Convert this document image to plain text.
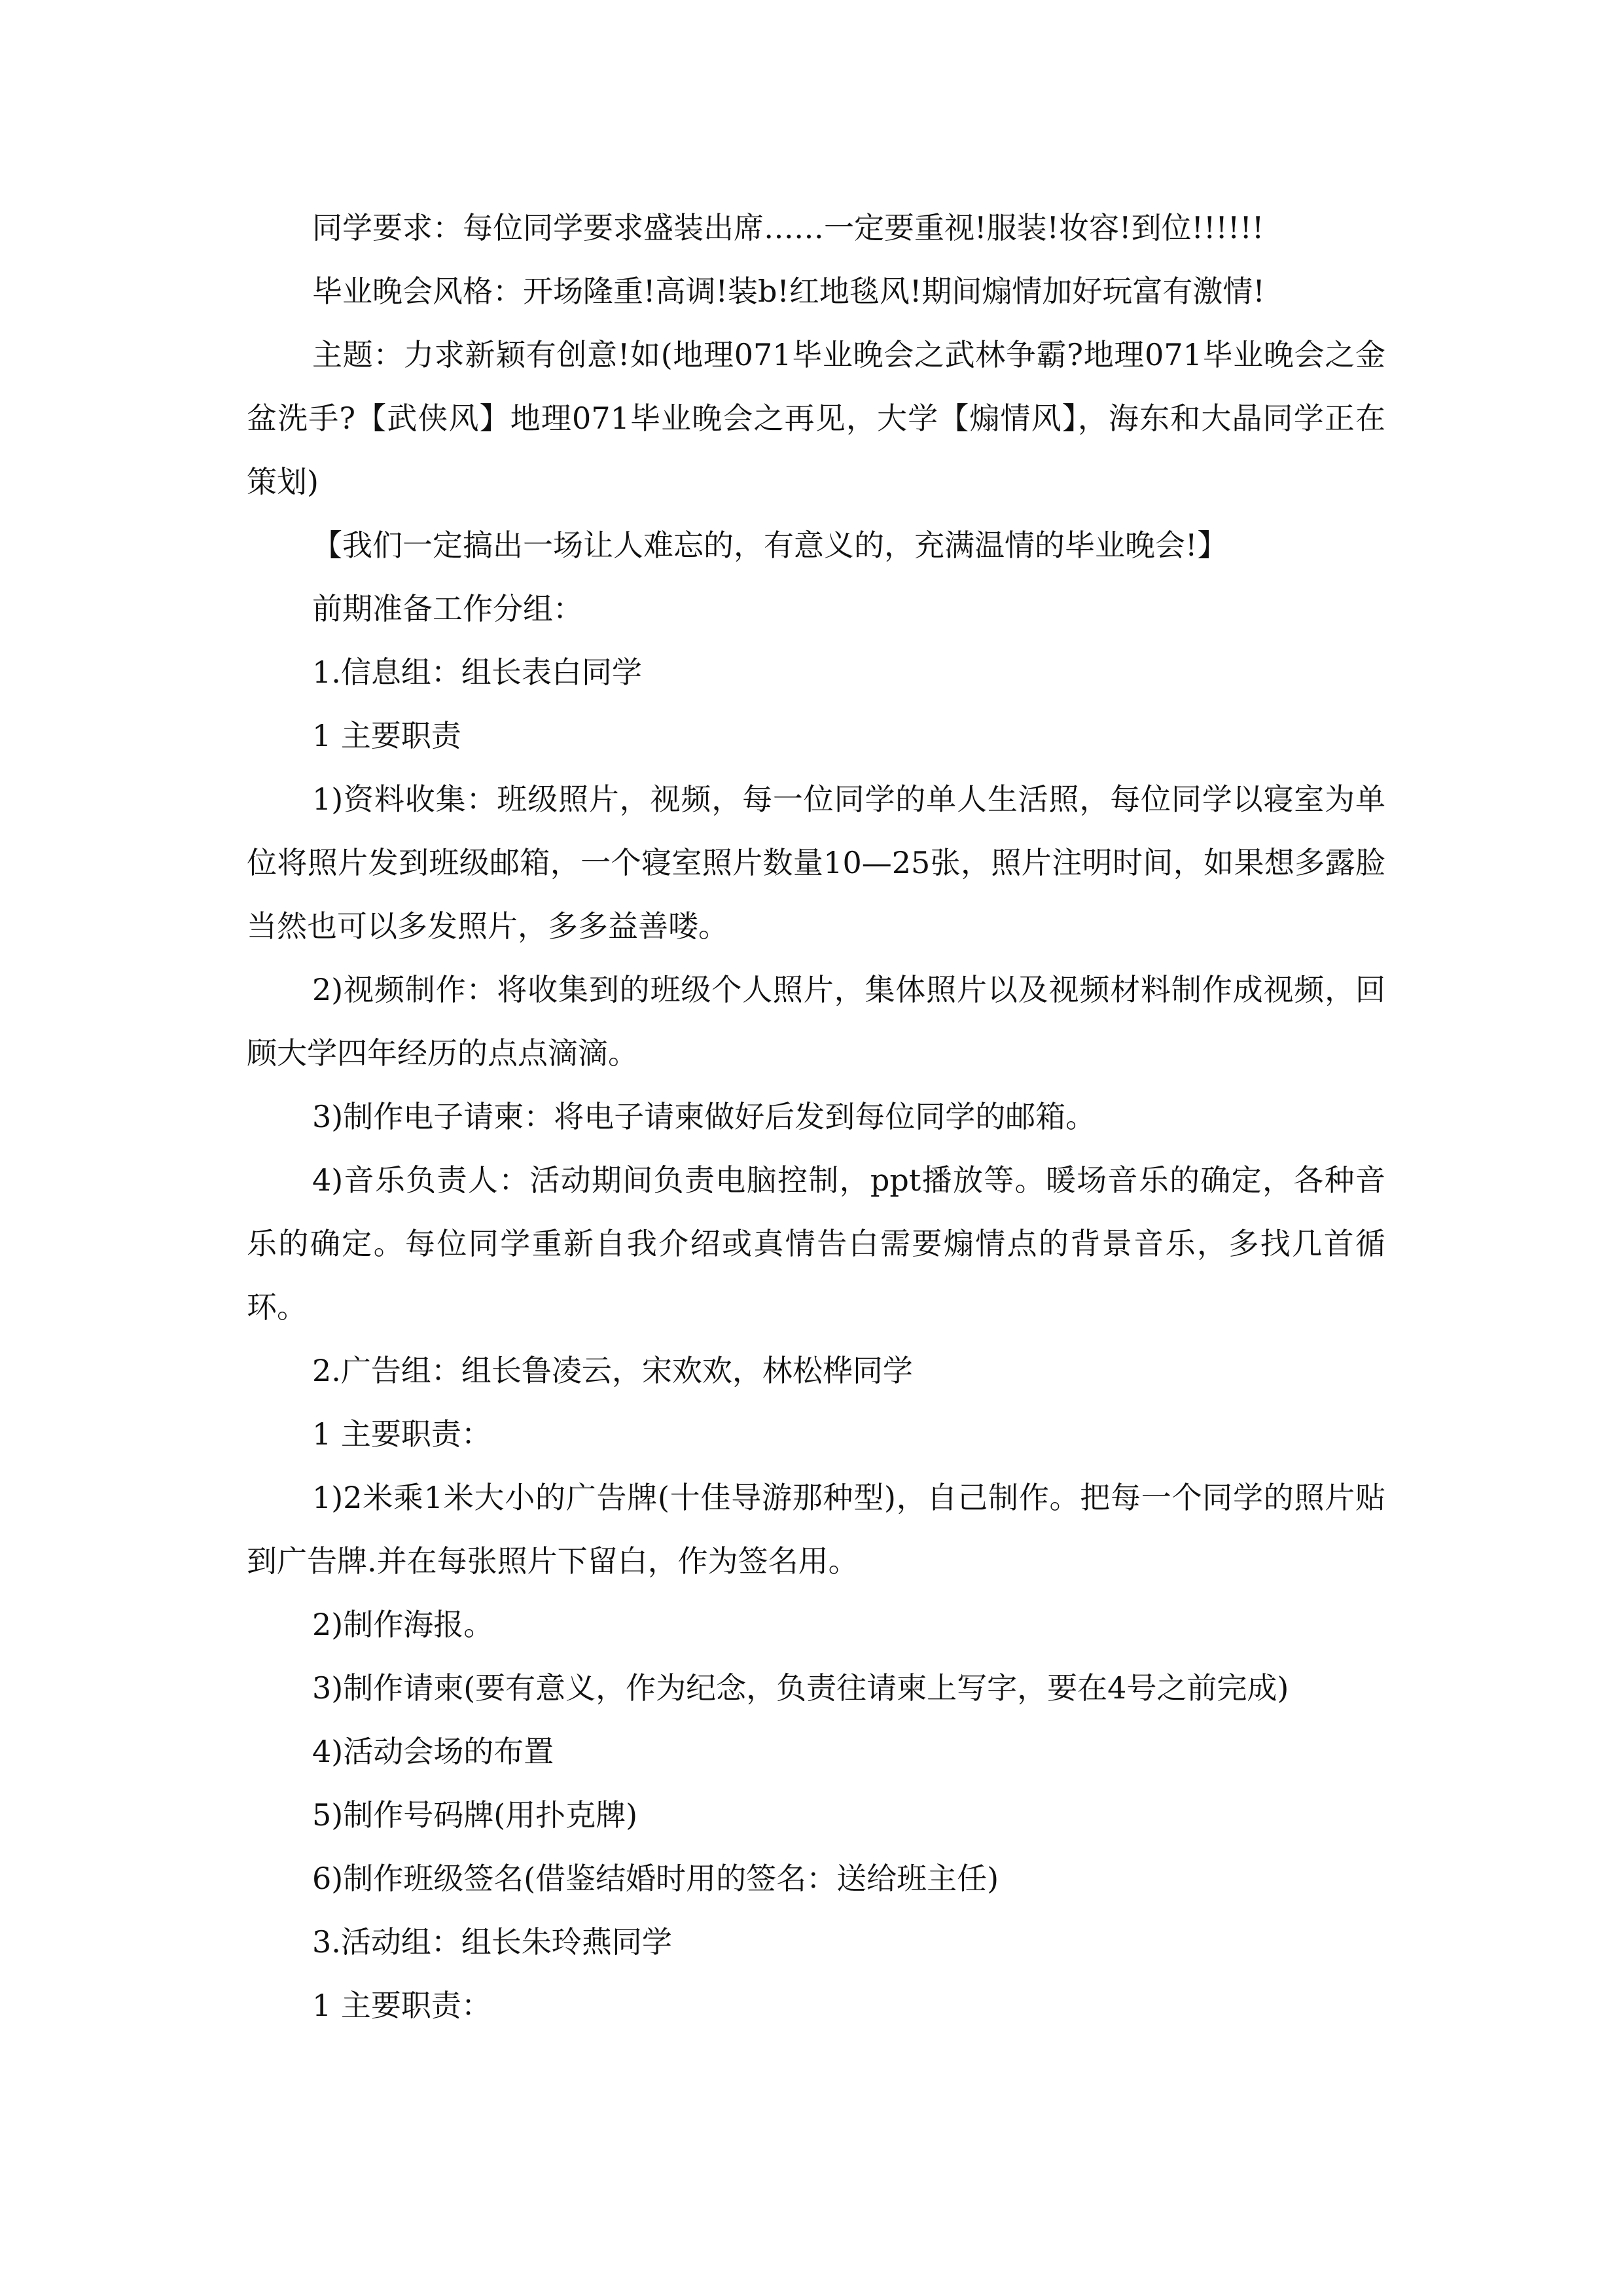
同学要求：每位同学要求盛装出席……一定要重视!服装!妆容!到位!!!!!!

毕业晚会风格：开场隆重!高调!装b!红地毯风!期间煽情加好玩富有激情!

主题：力求新颖有创意!如(地理071毕业晚会之武林争霸?地理071毕业晚会之金盆洗手?【武侠风】地理071毕业晚会之再见，大学【煽情风】，海东和大晶同学正在策划)

【我们一定搞出一场让人难忘的，有意义的，充满温情的毕业晚会!】

前期准备工作分组：

1.信息组：组长表白同学

1 主要职责

1)资料收集：班级照片，视频，每一位同学的单人生活照，每位同学以寝室为单位将照片发到班级邮箱，一个寝室照片数量10—25张，照片注明时间，如果想多露脸当然也可以多发照片，多多益善喽。

2)视频制作：将收集到的班级个人照片，集体照片以及视频材料制作成视频，回顾大学四年经历的点点滴滴。

3)制作电子请柬：将电子请柬做好后发到每位同学的邮箱。

4)音乐负责人：活动期间负责电脑控制，ppt播放等。暖场音乐的确定，各种音乐的确定。每位同学重新自我介绍或真情告白需要煽情点的背景音乐，多找几首循环。

2.广告组：组长鲁凌云，宋欢欢，林松桦同学

1 主要职责：

1)2米乘1米大小的广告牌(十佳导游那种型)，自己制作。把每一个同学的照片贴到广告牌.并在每张照片下留白，作为签名用。

2)制作海报。

3)制作请柬(要有意义，作为纪念，负责往请柬上写字，要在4号之前完成)

4)活动会场的布置

5)制作号码牌(用扑克牌)

6)制作班级签名(借鉴结婚时用的签名：送给班主任)

3.活动组：组长朱玲燕同学

1 主要职责：
